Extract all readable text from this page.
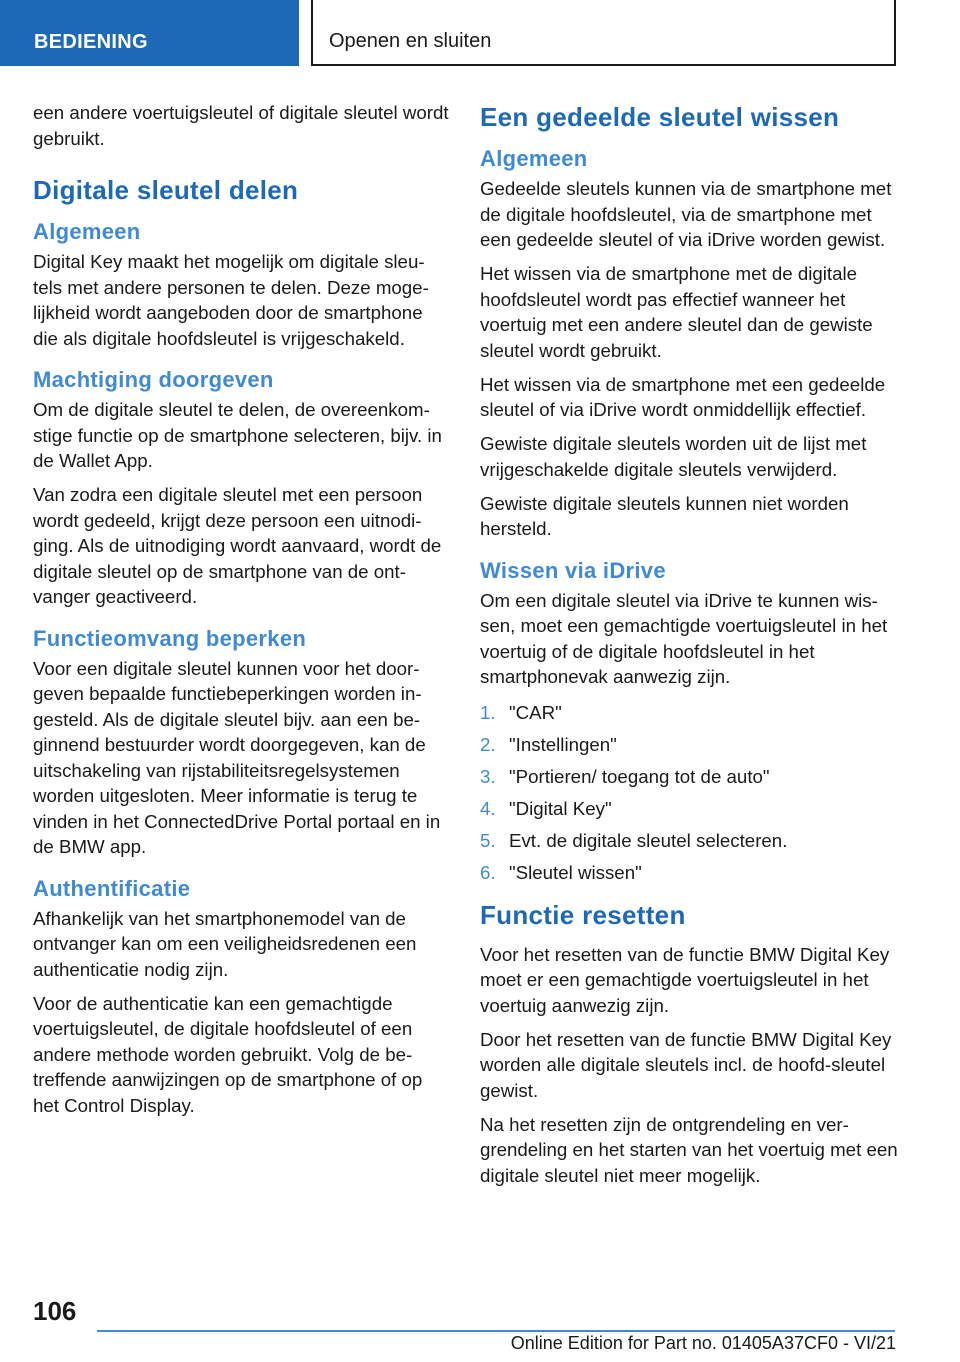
BEDIENING	Openen en sluiten

een andere voertuigsleutel of digitale sleutel wordt gebruikt.

Digitale sleutel delen
Algemeen

Digital Key maakt het mogelijk om digitale sleu-tels met andere personen te delen. Deze moge-lijkheid wordt aangeboden door de smartphone die als digitale hoofdsleutel is vrijgeschakeld.

Machtiging doorgeven

Om de digitale sleutel te delen, de overeenkom-stige functie op de smartphone selecteren, bijv. in de Wallet App.

Van zodra een digitale sleutel met een persoon wordt gedeeld, krijgt deze persoon een uitnodi-ging. Als de uitnodiging wordt aanvaard, wordt de digitale sleutel op de smartphone van de ont-vanger geactiveerd.

Functieomvang beperken

Voor een digitale sleutel kunnen voor het door-geven bepaalde functiebeperkingen worden in-gesteld. Als de digitale sleutel bijv. aan een be-ginnend bestuurder wordt doorgegeven, kan de uitschakeling van rijstabiliteitsregelsystemen worden uitgesloten. Meer informatie is terug te vinden in het ConnectedDrive Portal portaal en in de BMW app.

Authentificatie

Afhankelijk van het smartphonemodel van de ontvanger kan om een veiligheidsredenen een authenticatie nodig zijn.

Voor de authenticatie kan een gemachtigde voertuigsleutel, de digitale hoofdsleutel of een andere methode worden gebruikt. Volg de be-treffende aanwijzingen op de smartphone of op het Control Display.

Een gedeelde sleutel wissen
Algemeen

Gedeelde sleutels kunnen via de smartphone met de digitale hoofdsleutel, via de smartphone met een gedeelde sleutel of via iDrive worden gewist.

Het wissen via de smartphone met de digitale hoofdsleutel wordt pas effectief wanneer het voertuig met een andere sleutel dan de gewiste sleutel wordt gebruikt.

Het wissen via de smartphone met een gedeelde sleutel of via iDrive wordt onmiddellijk effectief.

Gewiste digitale sleutels worden uit de lijst met vrijgeschakelde digitale sleutels verwijderd.

Gewiste digitale sleutels kunnen niet worden hersteld.

Wissen via iDrive

Om een digitale sleutel via iDrive te kunnen wis-sen, moet een gemachtigde voertuigsleutel in het voertuig of de digitale hoofdsleutel in het smartphonevak aanwezig zijn.

1. "CAR"
2. "Instellingen"
3. "Portieren/ toegang tot de auto"
4. "Digital Key"
5. Evt. de digitale sleutel selecteren.
6. "Sleutel wissen"
Functie resetten

Voor het resetten van de functie BMW Digital Key moet er een gemachtigde voertuigsleutel in het voertuig aanwezig zijn.

Door het resetten van de functie BMW Digital Key worden alle digitale sleutels incl. de hoofd-sleutel gewist.

Na het resetten zijn de ontgrendeling en ver-grendeling en het starten van het voertuig met een digitale sleutel niet meer mogelijk.

106
Online Edition for Part no. 01405A37CF0 - VI/21
